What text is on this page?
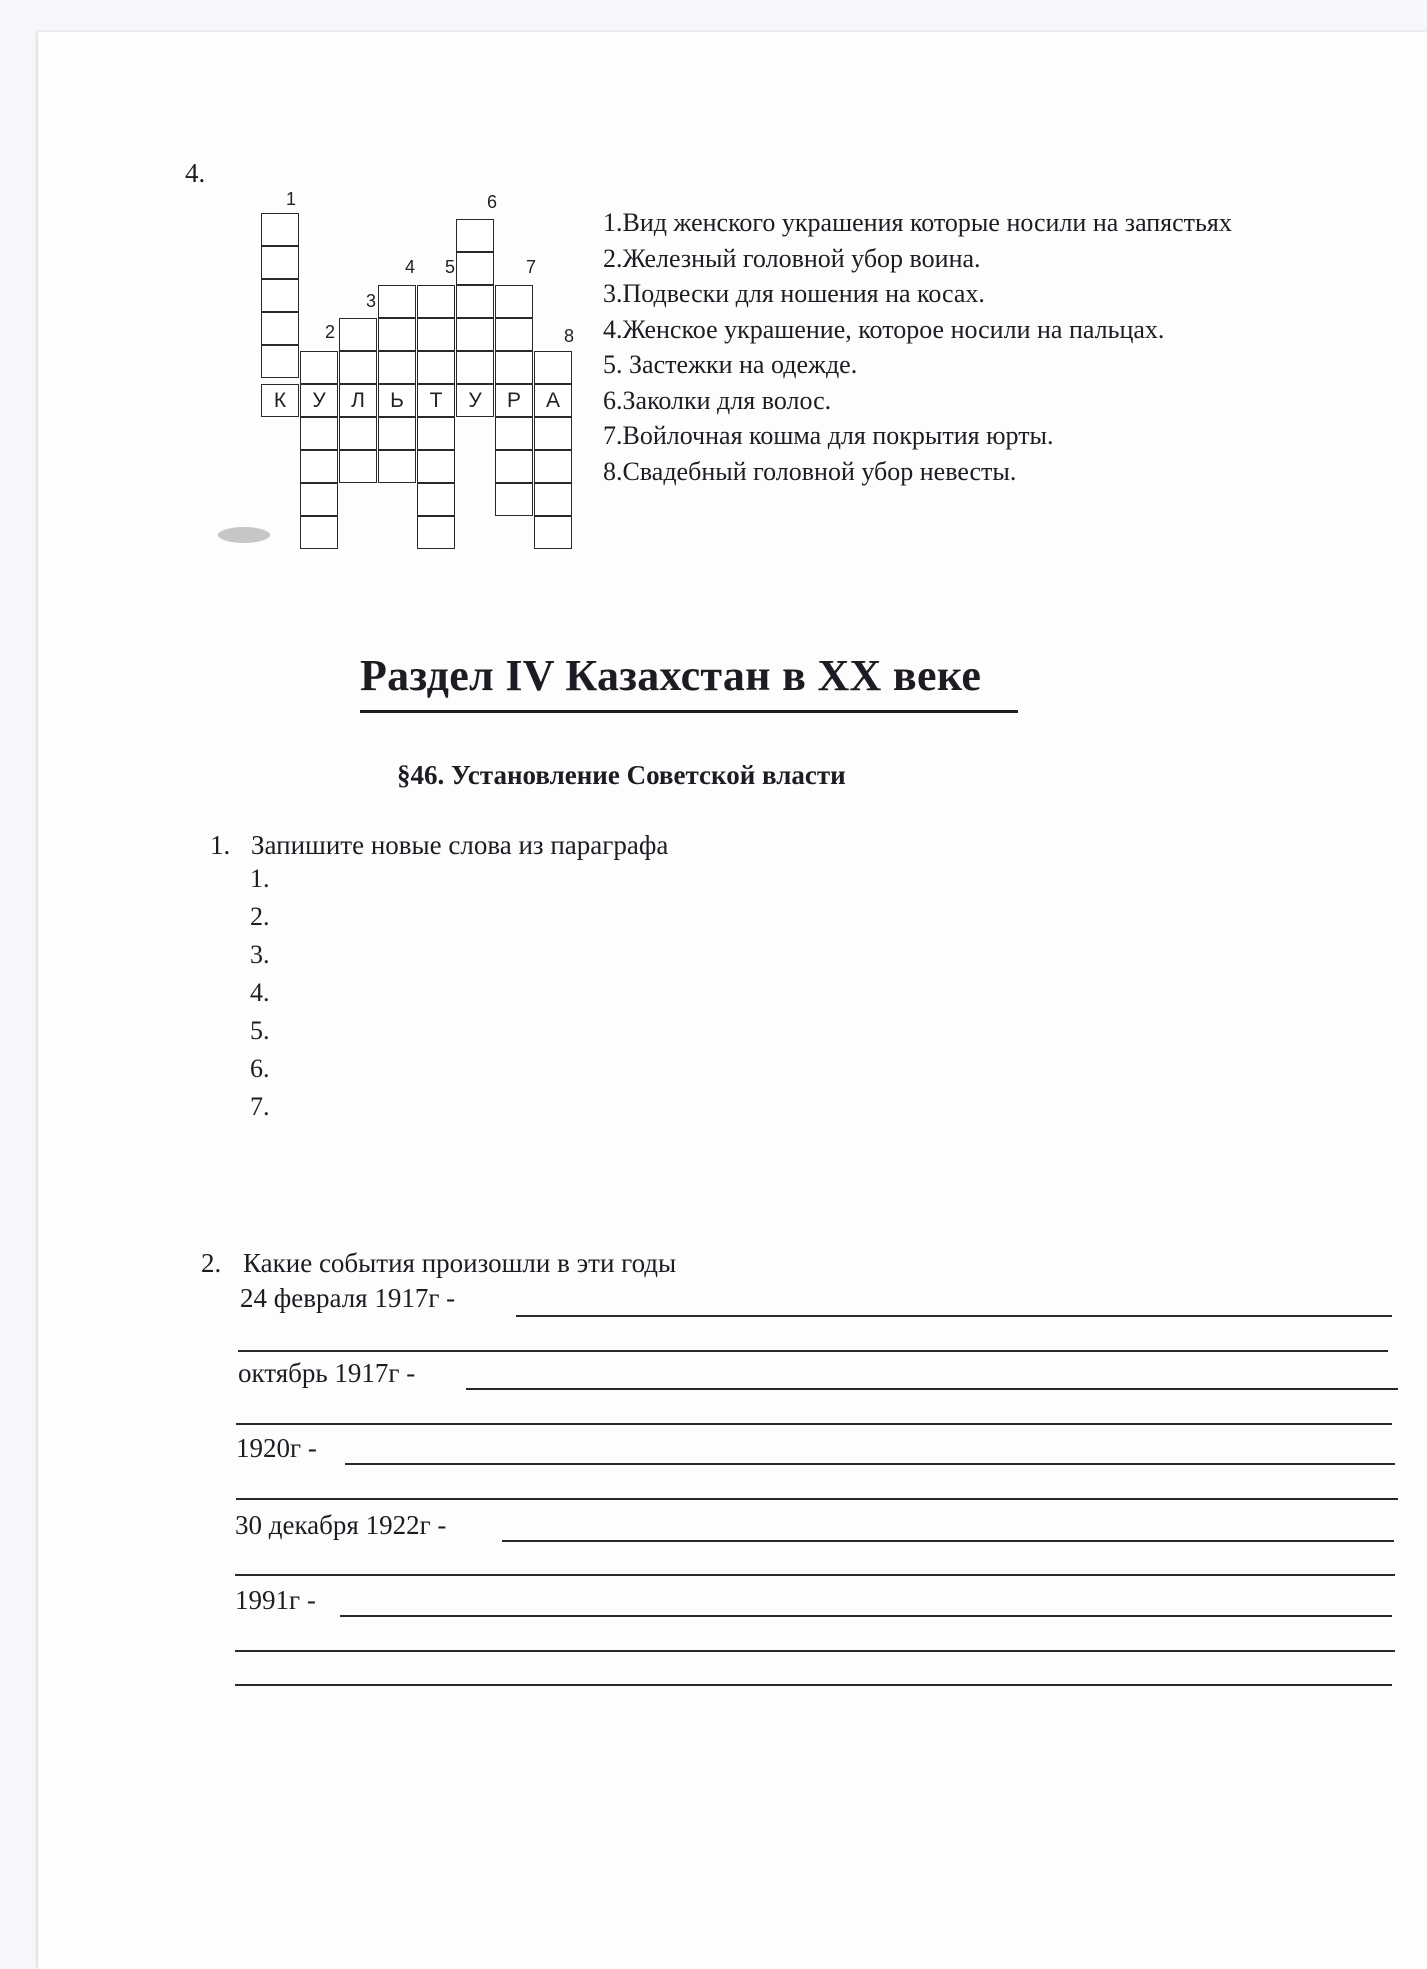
4.
1
2
3
4 5
6
7
8
К	У	Л	Ь	Т	У	Р	А
1.Вид женского украшения которые носили на запястьях
2.Железный головной убор воина.
3.Подвески для ношения на косах.
4.Женское украшение, которое носили на пальцах.
5. Застежки на одежде.
6.Заколки для волос.
7.Войлочная кошма для покрытия юрты.
8.Свадебный головной убор невесты.
Раздел IV Казахстан в XX веке
§46. Установление Советской власти
1. Запишите новые слова из параграфа
1.
2.
3.
4.
5.
6.
7.
2. Какие события произошли в эти годы
24 февраля 1917г -
октябрь 1917г -
1920г -
30 декабря 1922г -
1991г -
